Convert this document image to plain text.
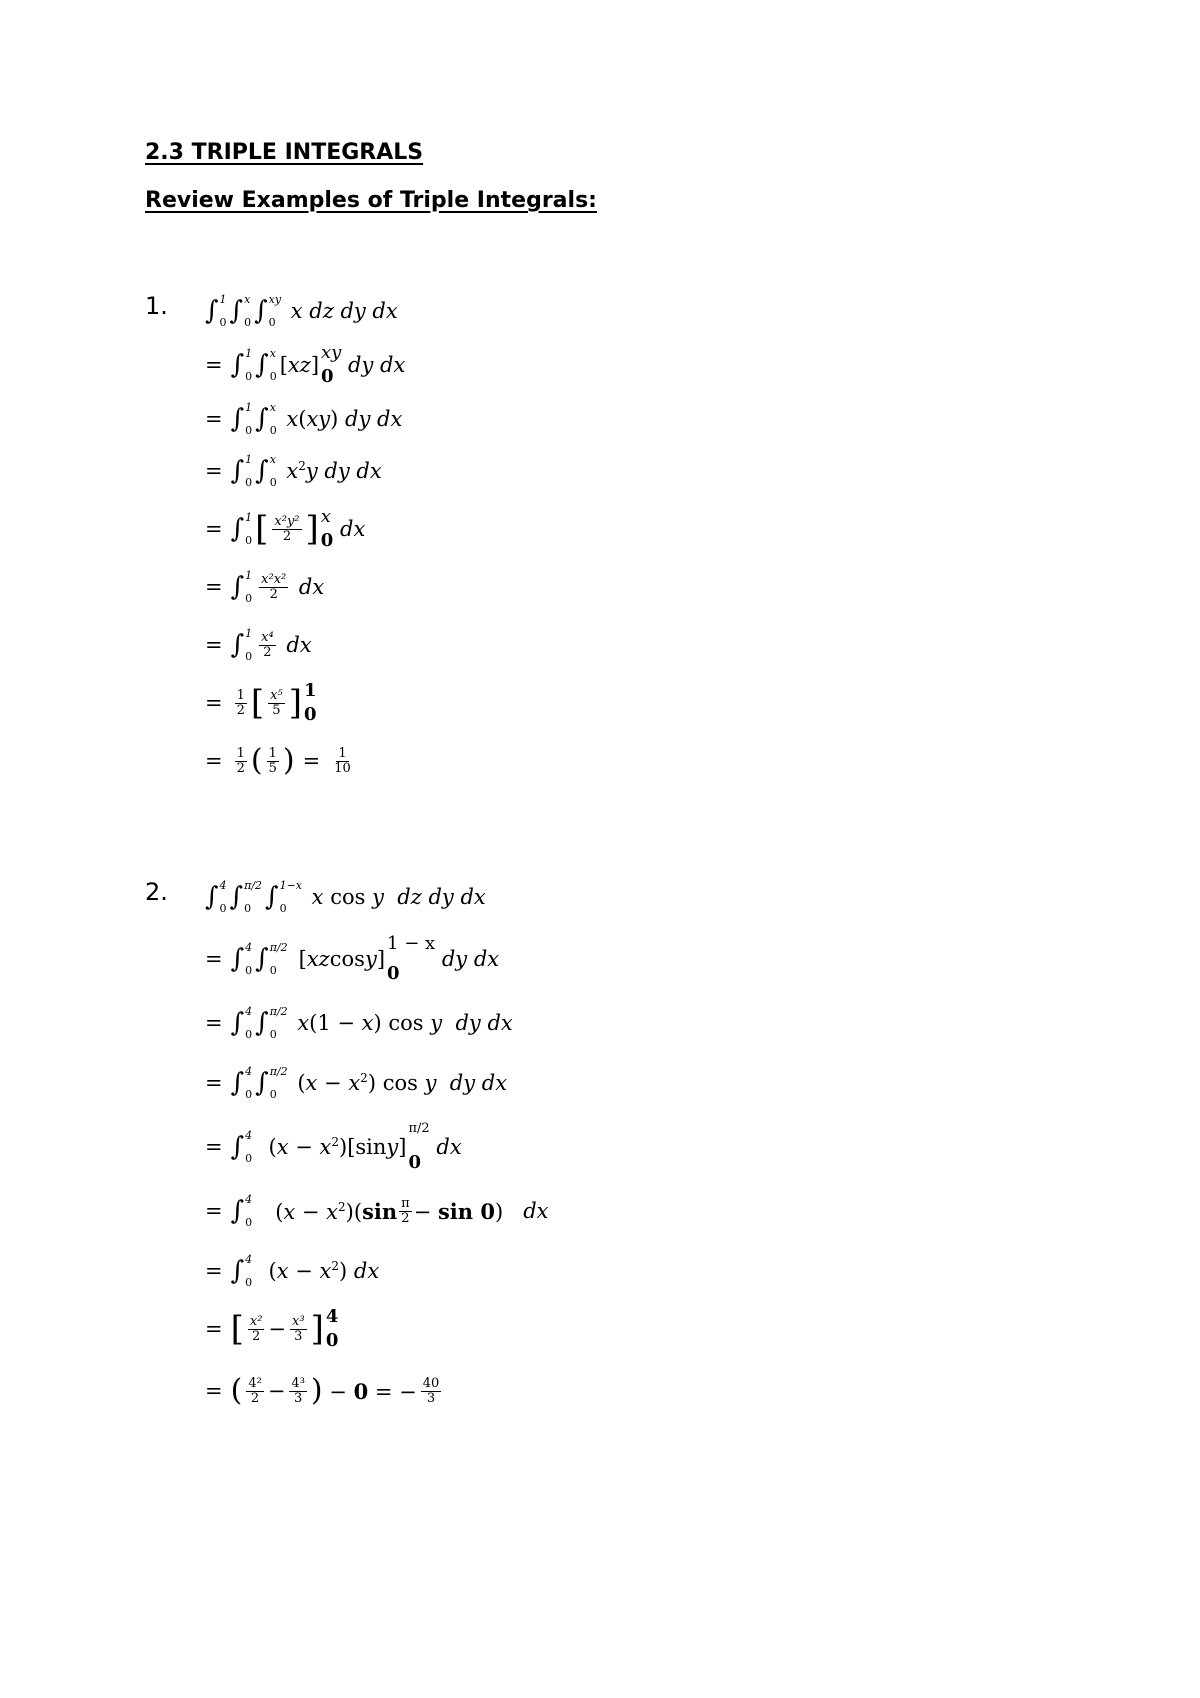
2.3 TRIPLE INTEGRALS
Review Examples of Triple Integrals:
1. ∫ 1
0 ∫ x
0 ∫ xy
0 x dz dy dx
= ∫ 1
0 ∫ x
0 [ xz ]
xy
0 dy dx
= ∫ 1
0 ∫ x
0 x(xy) dy dx
= ∫ 1
0 ∫ x
0 $x^2y$ dy dx
= ∫ 1
0 [ $\frac{\text{x²y²}}{2}$ ] x
0 dx
= ∫ 1
$0 \frac{\text{x²x²}}{2}$ dx
= ∫ 1
$0 \frac{\text{x⁴}}{2}$ dx
= $\frac{1}{2}$ [ $\frac{\text{x⁵}}{5}$ ] 1
0
= $\frac{1}{2}$ ( $\frac{1}{5}$ ) = $\frac{1}{10}$
2. ∫ 4
0 ∫ π/2
0 ∫ 1−x
0 x cos y  dz dy dx
= ∫ 4
0 ∫ π/2
0	[ xz cos y ]
1 − x
0
dy dx
= ∫ 4
0 ∫ π/2
0 x(1 − x) cos y  dy dx
= ∫ 4
0 ∫ π/2
0 $(x - x^2)$ cos y  dy dx
= ∫ 4
0 $(x - x^2)[\sin y]$
π/2
0
dx
= ∫ 4
0	$(x - x^2)(\sin \frac{\pi}{2} - \sin 0)$ dx
= ∫ 4
0 $(x - x^2)$ dx
= [ $\frac{\text{x²}}{2} - \frac{\text{x³}}{3}$ ] 4
0
= ( $\frac{\text{4²}}{2} - \frac{\text{4³}}{3}$ ) − 0 = − $\frac{40}{3}$
